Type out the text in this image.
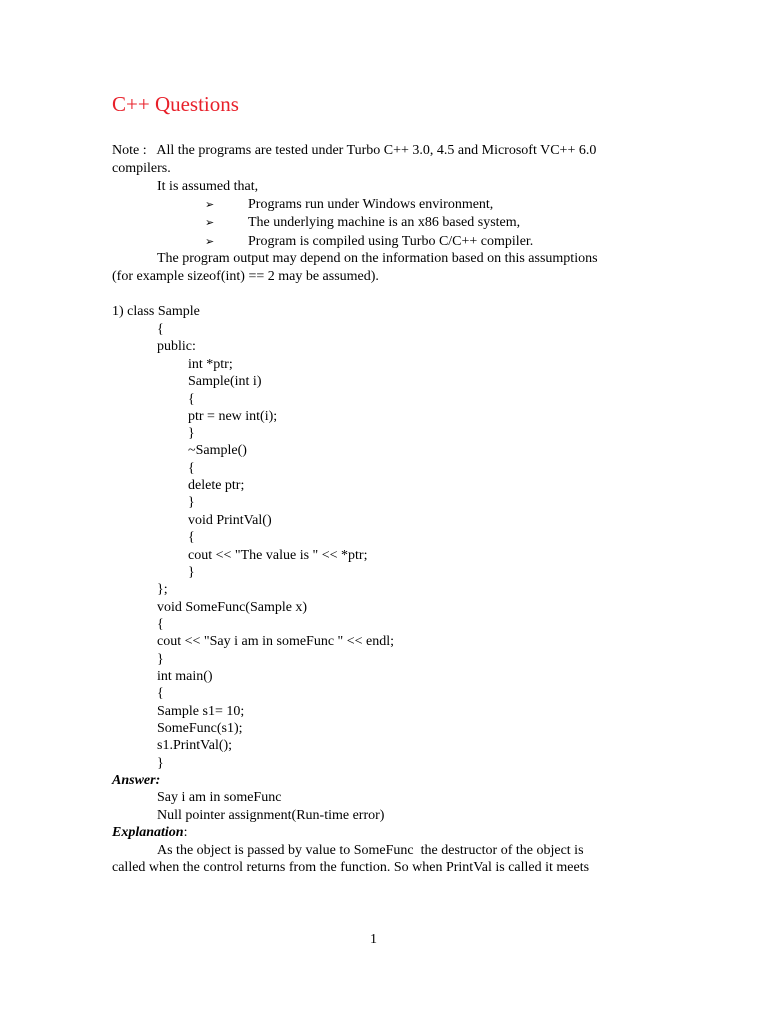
C++ Questions
Note :   All the programs are tested under Turbo C++ 3.0, 4.5 and Microsoft VC++ 6.0
compilers.
It is assumed that,
➢ Programs run under Windows environment,
➢ The underlying machine is an x86 based system,
➢ Program is compiled using Turbo C/C++ compiler.
The program output may depend on the information based on this assumptions
(for example sizeof(int) == 2 may be assumed).
1) class Sample
{
public:
int *ptr;
Sample(int i)
{
ptr = new int(i);
}
~Sample()
{
delete ptr;
}
void PrintVal()
{
cout << "The value is " << *ptr;
}
};
void SomeFunc(Sample x)
{
cout << "Say i am in someFunc " << endl;
}
int main()
{
Sample s1= 10;
SomeFunc(s1);
s1.PrintVal();
}
Answer:
Say i am in someFunc
Null pointer assignment(Run-time error)
Explanation:
As the object is passed by value to SomeFunc  the destructor of the object is
called when the control returns from the function. So when PrintVal is called it meets
1
